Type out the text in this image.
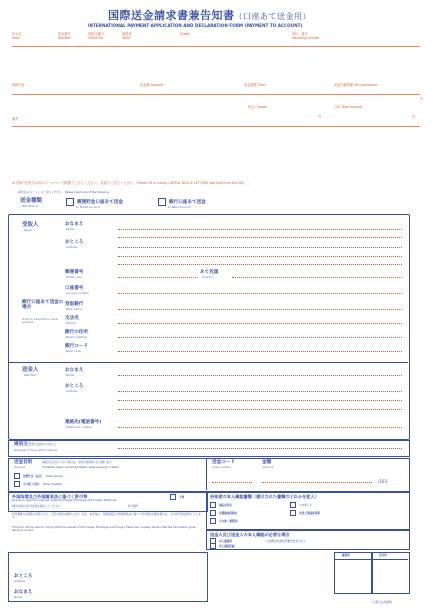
国際送金請求書兼告知書（口座あて送金用）
INTERNATIONAL PAYMENT APPLICATION AND DECLARATION FORM (PAYMENT TO ACCOUNT)
年月日
Date
送金番号
Number
取扱店番号
Office No.
取扱者
Teller
(Date)	受付・番号
Handling number
取扱内容	送金額 Amount	送金通貨 From	送金円換算額 Yen equivalent
円
料金 Charge	合計 Total amount
備考	円	円
※太枠内を黒又は青のボールペンで楷書でご記入ください。英語でご記入ください。Please fill in using CAPITAL BLOCK LETTERS starting from the left.
※該当の口に「レ」をご記入ください。 Please check one of the following.
送金種類
Remittance
郵便貯金口座あて送金
to Postal account
銀行口座あて送金
to Bank account
受取人
Payee
おなまえ
Name
おところ
Address
郵便番号
Postal code
あて先国
Country
口座番号
Account number
銀行口座あて送金の場合
Only for payment to bank account
受取銀行
Bank name
支店名
Branch
銀行の住所
Bank's address
銀行コード
Bank code
送金人
Remitter
おなまえ
Name
おところ
Address
連絡先(電話番号)
Telephone number
通信文(英語又は独字のみ記入)
Message (if any) within spaces
送金目的	※確定名がわからない場合は、内容を具体的に記入願います。
Purpose	If detailed reason should be stated, please specify in detail.
貨物代金（品目） Trade (items)
その他（内容） Other (Details)
送金コード
Code number
金額
Amount
/103
外国為替及び外国貿易法に基づく許可等
License or approval required under the Foreign Exchange and Foreign Trade Law
不要
(要)の場合は許可証等を提示してください。	許可番号
告知者の本人確認書類（提示された書類のどれかを記入）
運転免許証	パスポート
各種健康保険証	外国人登録証明書
その他（書類名）
告知義務の告知等の同意の上で、上記の送金を請求します。なお、本送金は、外国為替及び外国貿易法に基づく許可等が必要な場合は、その許可等を取得しています。
This form will be used to comply with the request of the Foreign Exchange and Foreign Trade Law. I hereby declare that the information given above is correct.
送金人及び送金人の本人確認が必要な場合
本人確認済
本人確認記録
この国際送金請求書兼告知書に記入
おところ
Address
おなまえ
Name
確認印	受付印
(当局又は営業用)
